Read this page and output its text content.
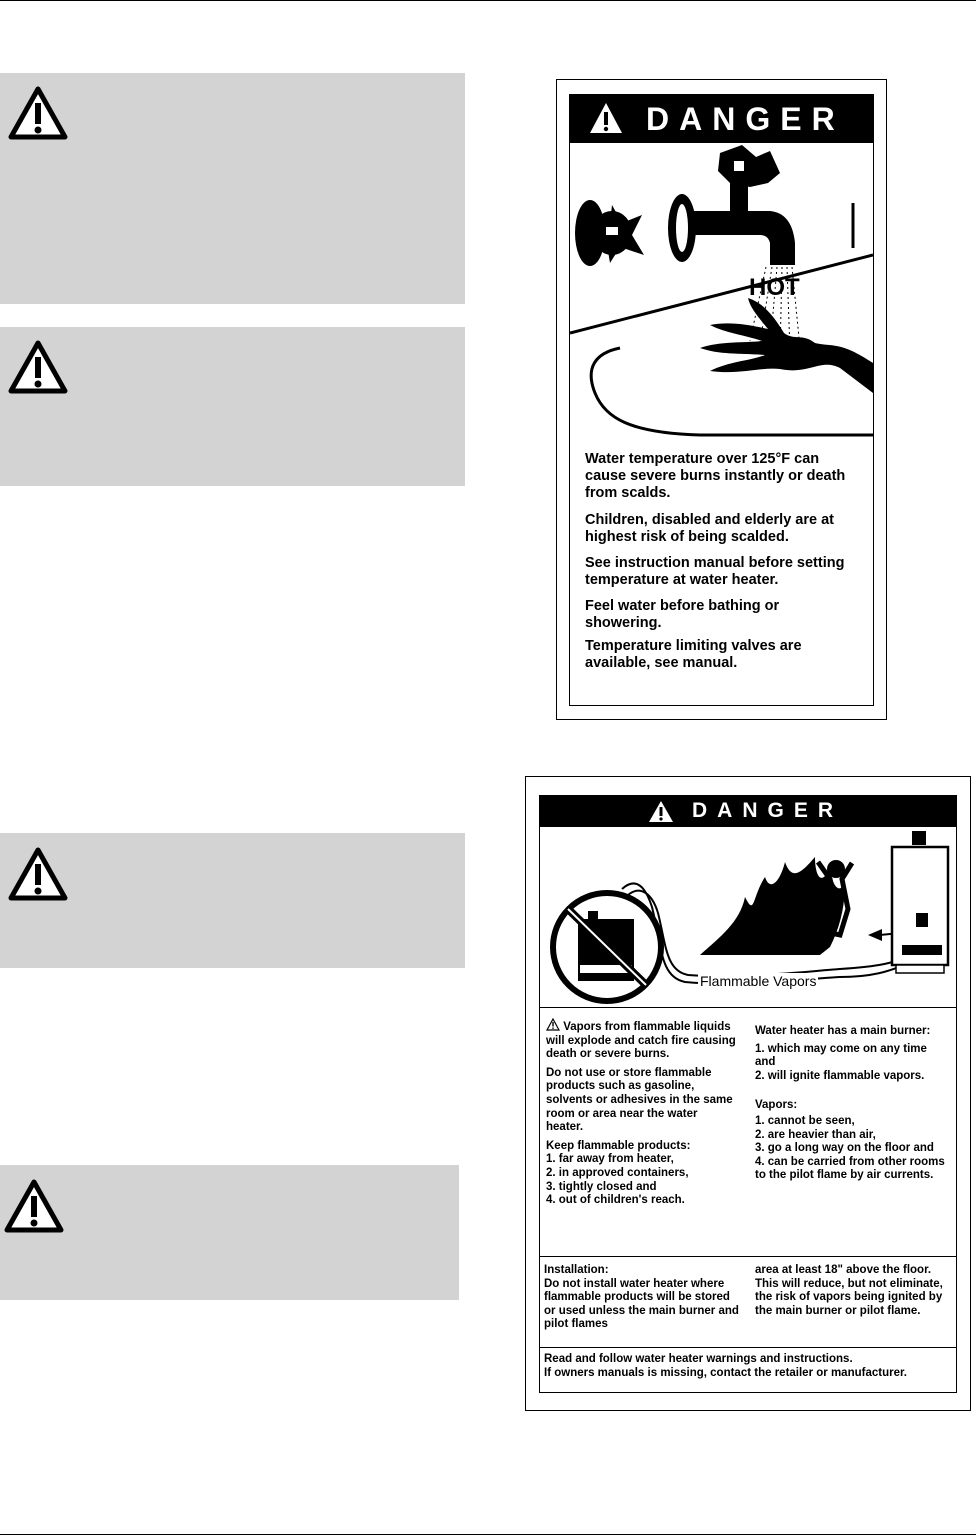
DANGER
HOT
BURN

Water temperature over 125°F can cause severe burns instantly or death from scalds.

Children, disabled and elderly are at highest risk of being scalded.

See instruction manual before setting temperature at water heater.

Feel water before bathing or showering.

Temperature limiting valves are available, see manual.

DANGER
Flammable Vapors

Vapors from flammable liquids will explode and catch fire causing death or severe burns.

Do not use or store flammable products such as gasoline, solvents or adhesives in the same room or area near the water heater.

Keep flammable products:

1. far away from heater,

2. in approved containers,

3. tightly closed and

4. out of children's reach.

Water heater has a main burner:

1. which may come on any time and

2. will ignite flammable vapors.

Vapors:

1. cannot be seen,

2. are heavier than air,

3. go a long way on the floor and

4. can be carried from other rooms to the pilot flame by air currents.

Installation:
Do not install water heater where flammable products will be stored or used unless the main burner and pilot flames
area at least 18" above the floor. This will reduce, but not eliminate, the risk of vapors being ignited by the main burner or pilot flame.

Read and follow water heater warnings and instructions.

If owners manuals is missing, contact the retailer or manufacturer.
